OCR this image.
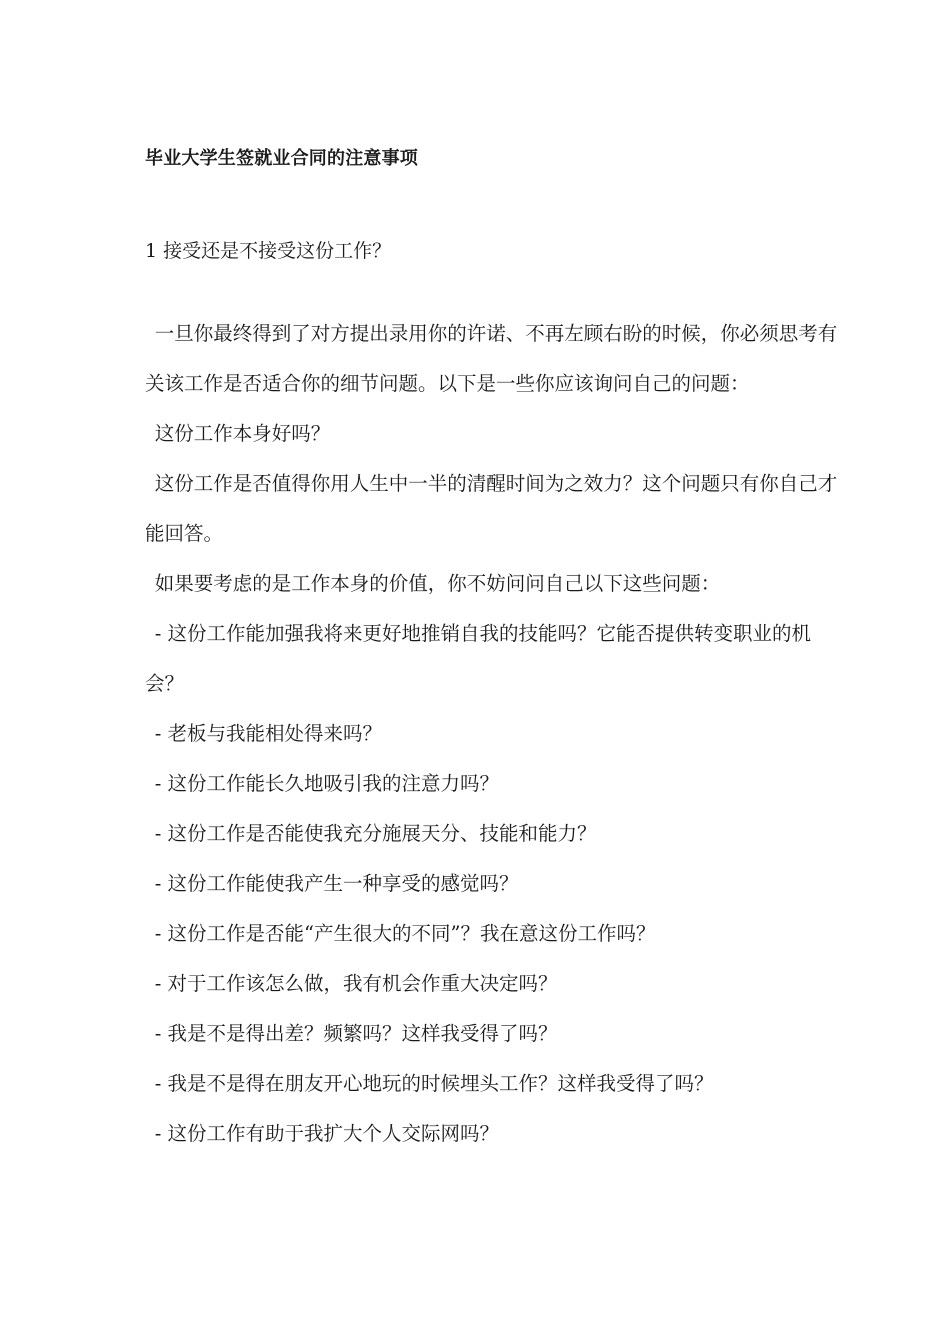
毕业大学生签就业合同的注意事项
1 接受还是不接受这份工作？

一旦你最终得到了对方提出录用你的许诺、不再左顾右盼的时候，你必须思考有关该工作是否适合你的细节问题。以下是一些你应该询问自己的问题：

这份工作本身好吗？

这份工作是否值得你用人生中一半的清醒时间为之效力？这个问题只有你自己才能回答。

如果要考虑的是工作本身的价值，你不妨问问自己以下这些问题：

- 这份工作能加强我将来更好地推销自我的技能吗？它能否提供转变职业的机会？

- 老板与我能相处得来吗？

- 这份工作能长久地吸引我的注意力吗？

- 这份工作是否能使我充分施展天分、技能和能力？

- 这份工作能使我产生一种享受的感觉吗？

- 这份工作是否能“产生很大的不同”？我在意这份工作吗？

- 对于工作该怎么做，我有机会作重大决定吗？

- 我是不是得出差？频繁吗？这样我受得了吗？

- 我是不是得在朋友开心地玩的时候埋头工作？这样我受得了吗？

- 这份工作有助于我扩大个人交际网吗？
